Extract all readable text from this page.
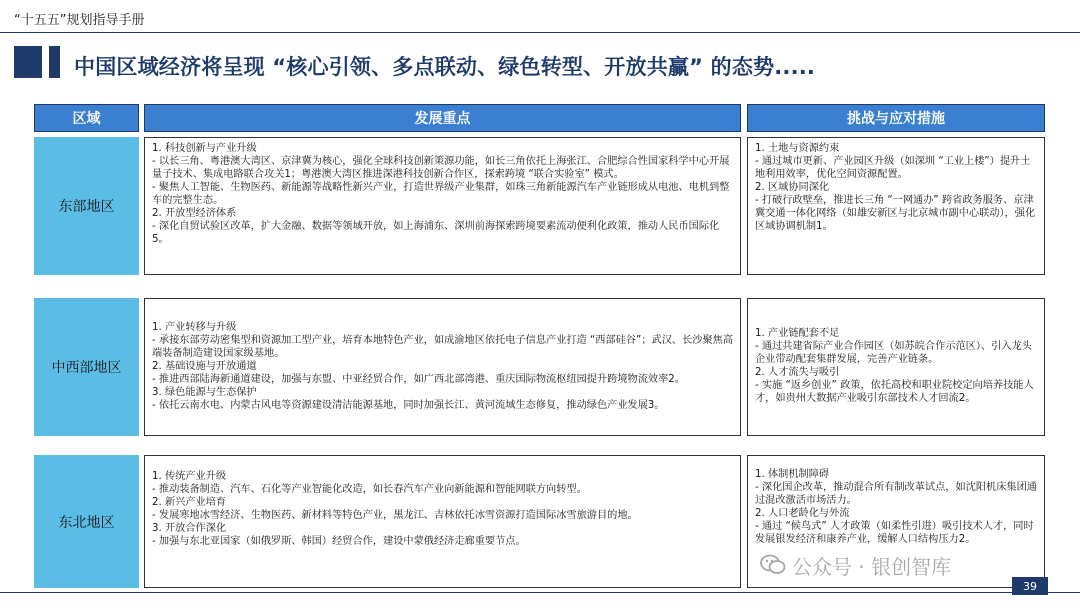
“十五五”规划指导手册
中国区域经济将呈现 “核心引领、多点联动、绿色转型、开放共赢” 的态势.....
区域	发展重点	挑战与应对措施
东部地区
1. 科技创新与产业升级
- 以长三角、粤港澳大湾区、京津冀为核心，强化全球科技创新策源功能，如长三角依托上海张江、合肥综合性国家科学中心开展量子技术、集成电路联合攻关1；粤港澳大湾区推进深港科技创新合作区，探索跨境 “联合实验室” 模式。
- 聚焦人工智能、生物医药、新能源等战略性新兴产业，打造世界级产业集群，如珠三角新能源汽车产业链形成从电池、电机到整车的完整生态。
2. 开放型经济体系
- 深化自贸试验区改革，扩大金融、数据等领域开放，如上海浦东、深圳前海探索跨境要素流动便利化政策，推动人民币国际化5。
1. 土地与资源约束
- 通过城市更新、产业园区升级（如深圳 “工业上楼”）提升土地利用效率，优化空间资源配置。
2. 区域协同深化
- 打破行政壁垒，推进长三角 “一网通办” 跨省政务服务、京津冀交通一体化网络（如雄安新区与北京城市副中心联动），强化区域协调机制1。
中西部地区
1. 产业转移与升级
- 承接东部劳动密集型和资源加工型产业，培育本地特色产业，如成渝地区依托电子信息产业打造 “西部硅谷”；武汉、长沙聚焦高端装备制造建设国家级基地。
2. 基础设施与开放通道
- 推进西部陆海新通道建设，加强与东盟、中亚经贸合作，如广西北部湾港、重庆国际物流枢纽园提升跨境物流效率2。
3. 绿色能源与生态保护
- 依托云南水电、内蒙古风电等资源建设清洁能源基地，同时加强长江、黄河流域生态修复，推动绿色产业发展3。
1. 产业链配套不足
- 通过共建省际产业合作园区（如苏皖合作示范区）、引入龙头企业带动配套集群发展，完善产业链条。
2. 人才流失与吸引
- 实施 “返乡创业” 政策，依托高校和职业院校定向培养技能人才，如贵州大数据产业吸引东部技术人才回流2。
东北地区
1. 传统产业升级
- 推动装备制造、汽车、石化等产业智能化改造，如长春汽车产业向新能源和智能网联方向转型。
2. 新兴产业培育
- 发展寒地冰雪经济、生物医药、新材料等特色产业，黑龙江、吉林依托冰雪资源打造国际冰雪旅游目的地。
3. 开放合作深化
- 加强与东北亚国家（如俄罗斯、韩国）经贸合作，建设中蒙俄经济走廊重要节点。
1. 体制机制障碍
- 深化国企改革，推动混合所有制改革试点，如沈阳机床集团通过混改激活市场活力。
2. 人口老龄化与外流
- 通过 “候鸟式” 人才政策（如柔性引进）吸引技术人才，同时发展银发经济和康养产业，缓解人口结构压力2。
公众号 · 银创智库
39
